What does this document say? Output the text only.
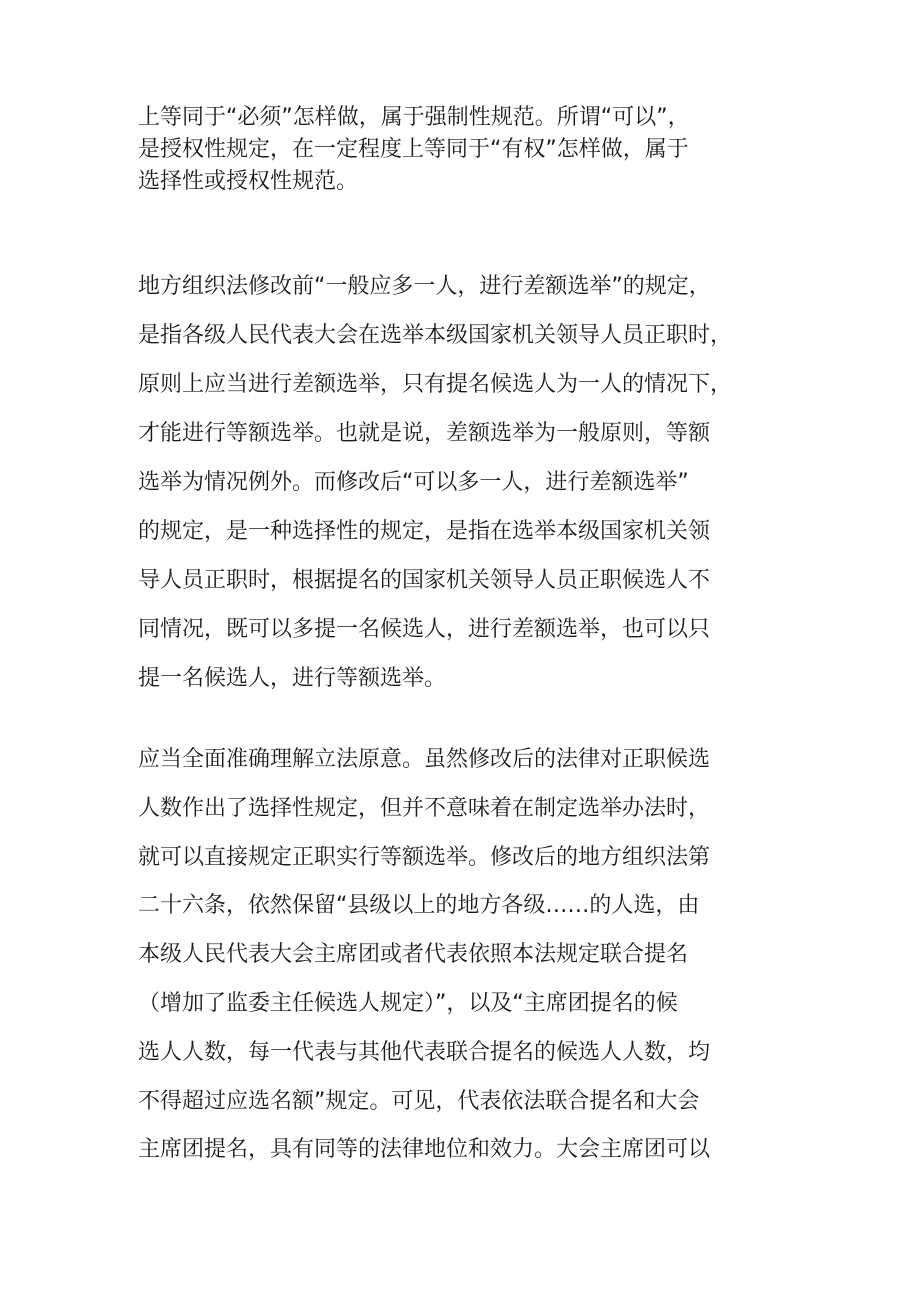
上等同于“必须”怎样做，属于强制性规范。所谓“可以”，
是授权性规定，在一定程度上等同于“有权”怎样做，属于
选择性或授权性规范。
地方组织法修改前“一般应多一人，进行差额选举”的规定，
是指各级人民代表大会在选举本级国家机关领导人员正职时，
原则上应当进行差额选举，只有提名候选人为一人的情况下，
才能进行等额选举。也就是说，差额选举为一般原则，等额
选举为情况例外。而修改后“可以多一人，进行差额选举”
的规定，是一种选择性的规定，是指在选举本级国家机关领
导人员正职时，根据提名的国家机关领导人员正职候选人不
同情况，既可以多提一名候选人，进行差额选举，也可以只
提一名候选人，进行等额选举。
应当全面准确理解立法原意。虽然修改后的法律对正职候选
人数作出了选择性规定，但并不意味着在制定选举办法时，
就可以直接规定正职实行等额选举。修改后的地方组织法第
二十六条，依然保留“县级以上的地方各级……的人选，由
本级人民代表大会主席团或者代表依照本法规定联合提名
（增加了监委主任候选人规定）”，以及“主席团提名的候
选人人数，每一代表与其他代表联合提名的候选人人数，均
不得超过应选名额”规定。可见，代表依法联合提名和大会
主席团提名，具有同等的法律地位和效力。大会主席团可以
